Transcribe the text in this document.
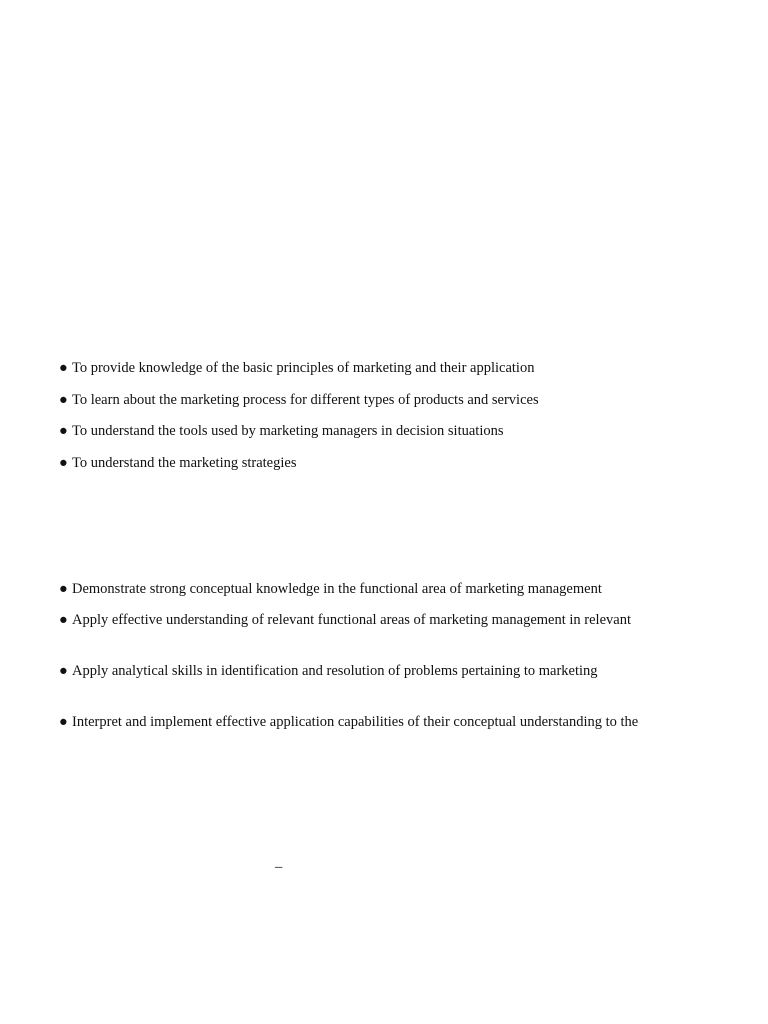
● To provide knowledge of the basic principles of marketing and their application
● To learn about the marketing process for different types of products and services
● To understand the tools used by marketing managers in decision situations
● To understand the marketing strategies
● Demonstrate strong conceptual knowledge in the functional area of marketing management
● Apply effective understanding of relevant functional areas of marketing management in relevant
● Apply analytical skills in identification and resolution of problems pertaining to marketing
● Interpret and implement effective application capabilities of their conceptual understanding to the
–
